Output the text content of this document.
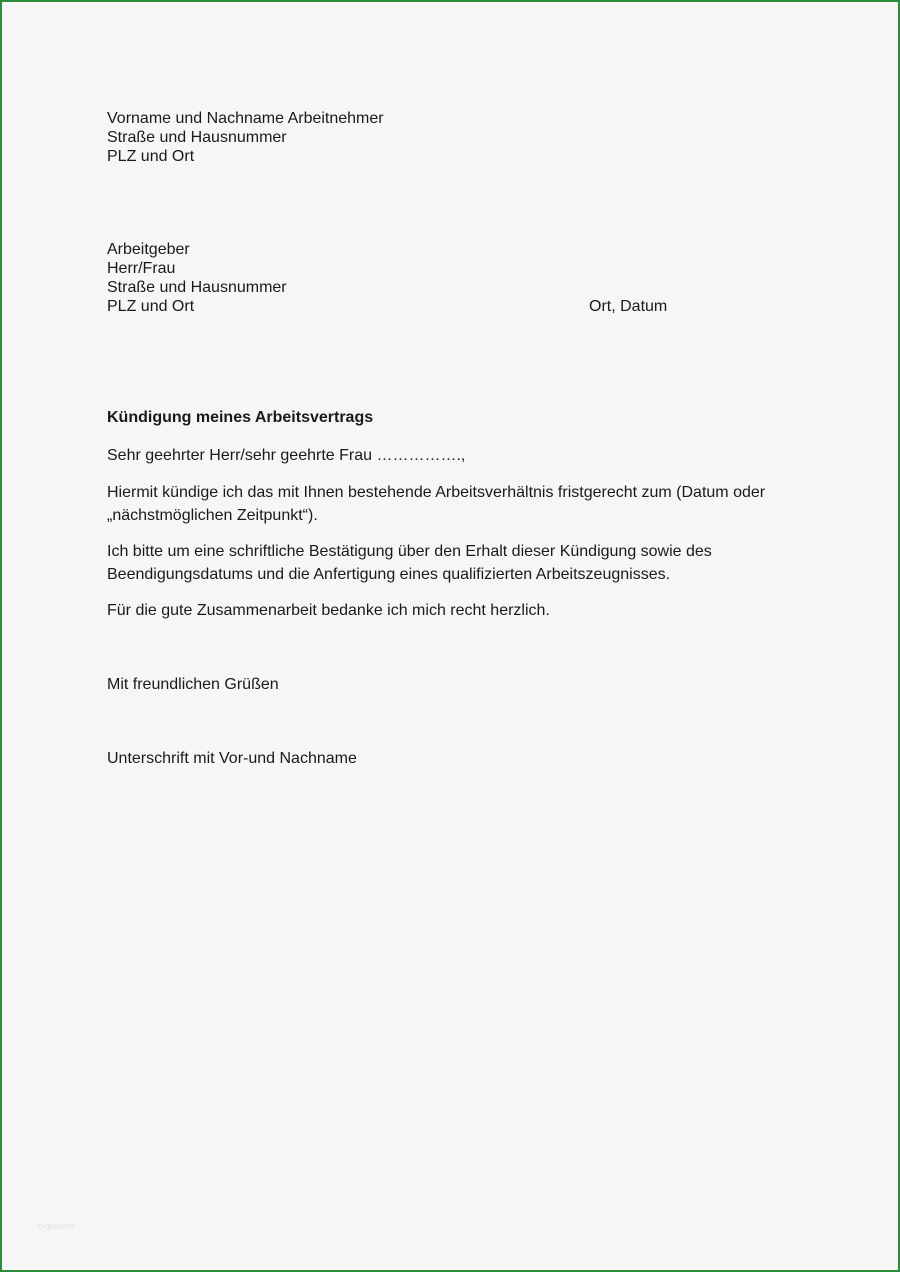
Vorname und Nachname Arbeitnehmer
Straße und Hausnummer
PLZ und Ort
Arbeitgeber
Herr/Frau
Straße und Hausnummer
PLZ und Ort	Ort, Datum
Kündigung meines Arbeitsvertrags
Sehr geehrter Herr/sehr geehrte Frau …………….,
Hiermit kündige ich das mit Ihnen bestehende Arbeitsverhältnis fristgerecht zum (Datum oder
„nächstmöglichen Zeitpunkt“).
Ich bitte um eine schriftliche Bestätigung über den Erhalt dieser Kündigung sowie des
Beendigungsdatums und die Anfertigung eines qualifizierten Arbeitszeugnisses.
Für die gute Zusammenarbeit bedanke ich mich recht herzlich.
Mit freundlichen Grüßen
Unterschrift mit Vor-und Nachname
bigiovem
